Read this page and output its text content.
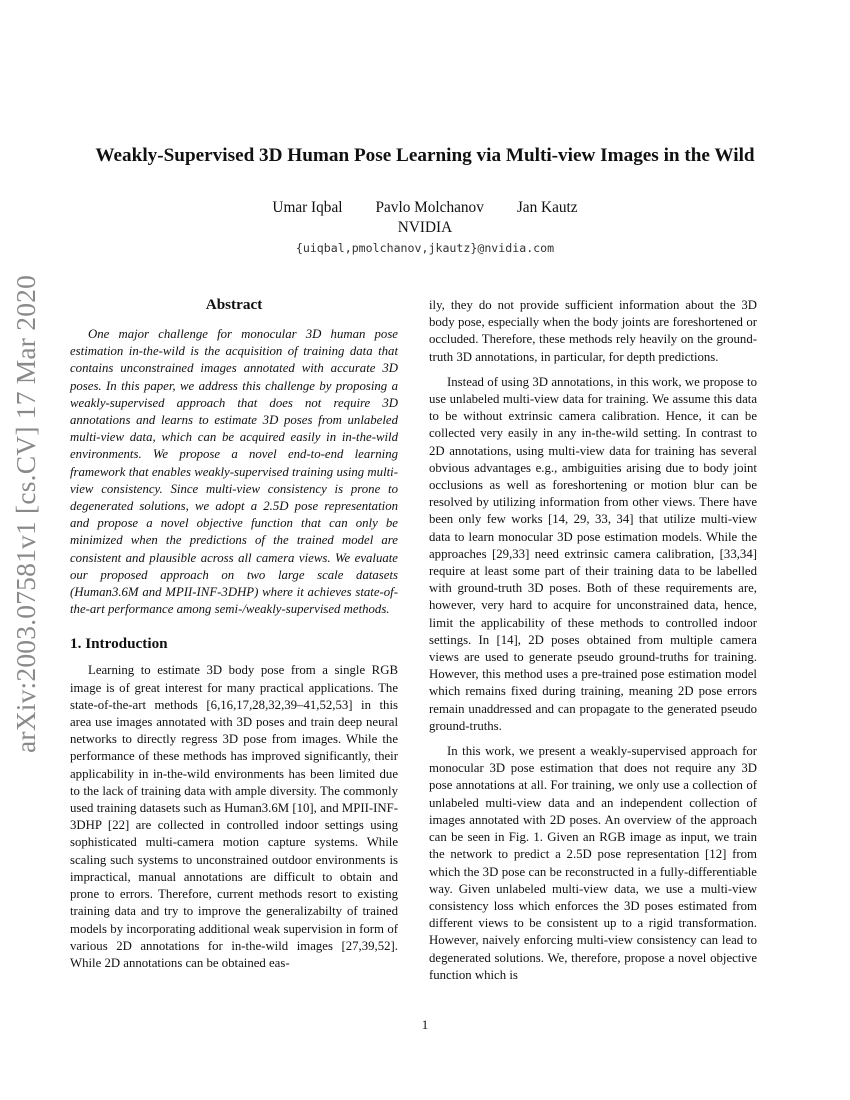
arXiv:2003.07581v1 [cs.CV] 17 Mar 2020
Weakly-Supervised 3D Human Pose Learning via Multi-view Images in the Wild
Umar Iqbal Pavlo Molchanov Jan Kautz
NVIDIA
{uiqbal,pmolchanov,jkautz}@nvidia.com
Abstract

One major challenge for monocular 3D human pose estimation in-the-wild is the acquisition of training data that contains unconstrained images annotated with accurate 3D poses. In this paper, we address this challenge by proposing a weakly-supervised approach that does not require 3D annotations and learns to estimate 3D poses from unlabeled multi-view data, which can be acquired easily in in-the-wild environments. We propose a novel end-to-end learning framework that enables weakly-supervised training using multi-view consistency. Since multi-view consistency is prone to degenerated solutions, we adopt a 2.5D pose representation and propose a novel objective function that can only be minimized when the predictions of the trained model are consistent and plausible across all camera views. We evaluate our proposed approach on two large scale datasets (Human3.6M and MPII-INF-3DHP) where it achieves state-of-the-art performance among semi-/weakly-supervised methods.

1. Introduction

Learning to estimate 3D body pose from a single RGB image is of great interest for many practical applications. The state-of-the-art methods [6,16,17,28,32,39–41,52,53] in this area use images annotated with 3D poses and train deep neural networks to directly regress 3D pose from images. While the performance of these methods has improved significantly, their applicability in in-the-wild environments has been limited due to the lack of training data with ample diversity. The commonly used training datasets such as Human3.6M [10], and MPII-INF-3DHP [22] are collected in controlled indoor settings using sophisticated multi-camera motion capture systems. While scaling such systems to unconstrained outdoor environments is impractical, manual annotations are difficult to obtain and prone to errors. Therefore, current methods resort to existing training data and try to improve the generalizabilty of trained models by incorporating additional weak supervision in form of various 2D annotations for in-the-wild images [27,39,52]. While 2D annotations can be obtained eas-

ily, they do not provide sufficient information about the 3D body pose, especially when the body joints are foreshortened or occluded. Therefore, these methods rely heavily on the ground-truth 3D annotations, in particular, for depth predictions.

Instead of using 3D annotations, in this work, we propose to use unlabeled multi-view data for training. We assume this data to be without extrinsic camera calibration. Hence, it can be collected very easily in any in-the-wild setting. In contrast to 2D annotations, using multi-view data for training has several obvious advantages e.g., ambiguities arising due to body joint occlusions as well as foreshortening or motion blur can be resolved by utilizing information from other views. There have been only few works [14, 29, 33, 34] that utilize multi-view data to learn monocular 3D pose estimation models. While the approaches [29,33] need extrinsic camera calibration, [33,34] require at least some part of their training data to be labelled with ground-truth 3D poses. Both of these requirements are, however, very hard to acquire for unconstrained data, hence, limit the applicability of these methods to controlled indoor settings. In [14], 2D poses obtained from multiple camera views are used to generate pseudo ground-truths for training. However, this method uses a pre-trained pose estimation model which remains fixed during training, meaning 2D pose errors remain unaddressed and can propagate to the generated pseudo ground-truths.

In this work, we present a weakly-supervised approach for monocular 3D pose estimation that does not require any 3D pose annotations at all. For training, we only use a collection of unlabeled multi-view data and an independent collection of images annotated with 2D poses. An overview of the approach can be seen in Fig. 1. Given an RGB image as input, we train the network to predict a 2.5D pose representation [12] from which the 3D pose can be reconstructed in a fully-differentiable way. Given unlabeled multi-view data, we use a multi-view consistency loss which enforces the 3D poses estimated from different views to be consistent up to a rigid transformation. However, naively enforcing multi-view consistency can lead to degenerated solutions. We, therefore, propose a novel objective function which is

1
